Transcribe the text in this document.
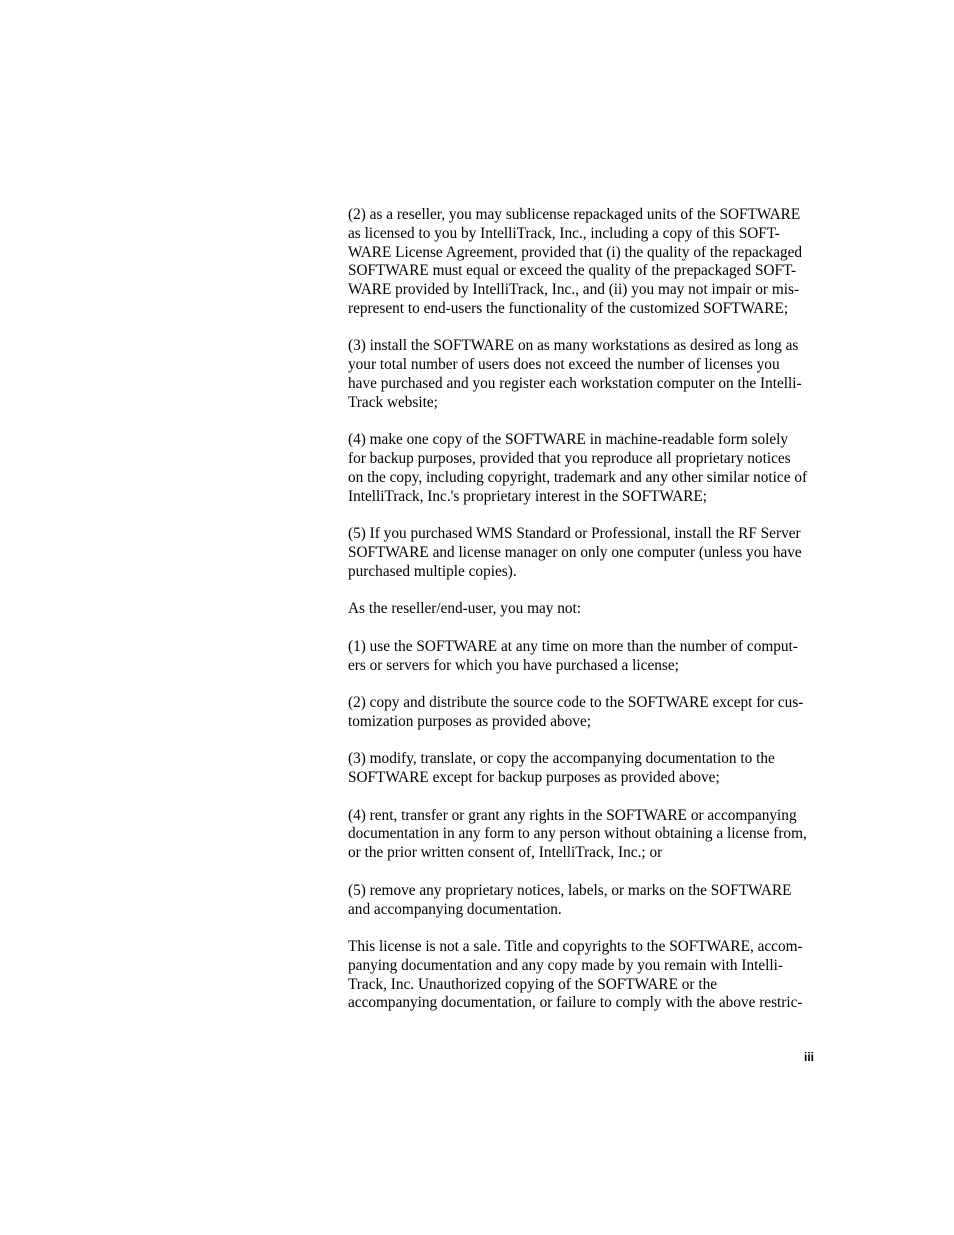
(2) as a reseller, you may sublicense repackaged units of the SOFTWARE
as licensed to you by IntelliTrack, Inc., including a copy of this SOFT-
WARE License Agreement, provided that (i) the quality of the repackaged
SOFTWARE must equal or exceed the quality of the prepackaged SOFT-
WARE provided by IntelliTrack, Inc., and (ii) you may not impair or mis-
represent to end-users the functionality of the customized SOFTWARE;

(3) install the SOFTWARE on as many workstations as desired as long as
your total number of users does not exceed the number of licenses you
have purchased and you register each workstation computer on the Intelli-
Track website;

(4) make one copy of the SOFTWARE in machine-readable form solely
for backup purposes, provided that you reproduce all proprietary notices
on the copy, including copyright, trademark and any other similar notice of
IntelliTrack, Inc.'s proprietary interest in the SOFTWARE;

(5) If you purchased WMS Standard or Professional, install the RF Server
SOFTWARE and license manager on only one computer (unless you have
purchased multiple copies).

As the reseller/end-user, you may not:

(1) use the SOFTWARE at any time on more than the number of comput-
ers or servers for which you have purchased a license;

(2) copy and distribute the source code to the SOFTWARE except for cus-
tomization purposes as provided above;

(3) modify, translate, or copy the accompanying documentation to the
SOFTWARE except for backup purposes as provided above;

(4) rent, transfer or grant any rights in the SOFTWARE or accompanying
documentation in any form to any person without obtaining a license from,
or the prior written consent of, IntelliTrack, Inc.; or

(5) remove any proprietary notices, labels, or marks on the SOFTWARE
and accompanying documentation.

This license is not a sale. Title and copyrights to the SOFTWARE, accom-
panying documentation and any copy made by you remain with Intelli-
Track, Inc. Unauthorized copying of the SOFTWARE or the
accompanying documentation, or failure to comply with the above restric-

iii
